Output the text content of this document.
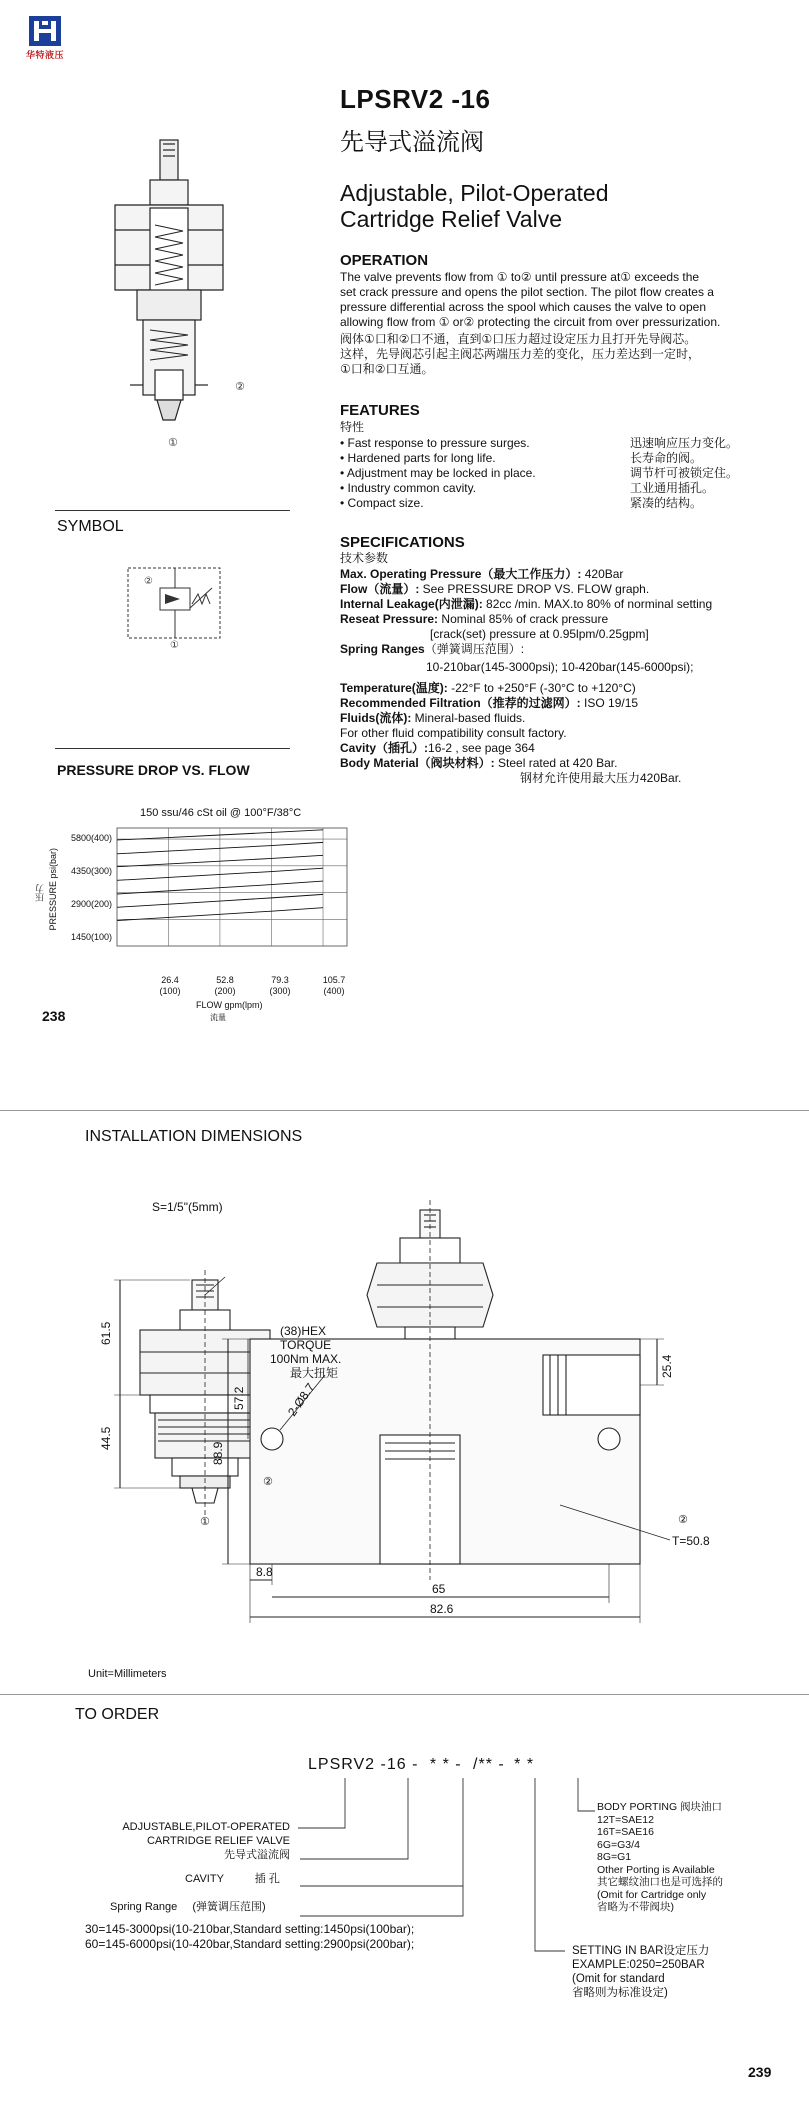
华特液压
LPSRV2 -16
先导式溢流阀
Adjustable, Pilot-Operated
Cartridge Relief Valve
②
①
OPERATION
The valve prevents flow from ① to② until pressure at① exceeds the
set crack pressure and opens the pilot section. The pilot flow creates a
pressure differential across the spool which causes the valve to open
allowing flow from ① or② protecting the circuit from over pressurization.
阀体①口和②口不通，直到①口压力超过设定压力且打开先导阀芯。
这样，先导阀芯引起主阀芯两端压力差的变化，压力差达到一定时，
①口和②口互通。
FEATURES
特性
• Fast response to pressure surges.	迅速响应压力变化。
• Hardened parts for long life.	长寿命的阀。
• Adjustment may be locked in place.	调节杆可被锁定住。
• Industry common cavity.	工业通用插孔。
• Compact size.	紧凑的结构。
SYMBOL
②
①
SPECIFICATIONS
技术参数
Max. Operating Pressure（最大工作压力）: 420Bar
Flow（流量）: See PRESSURE DROP VS. FLOW graph.
Internal Leakage(内泄漏): 82cc /min. MAX.to 80% of norminal setting
Reseat Pressure: Nominal 85% of crack pressure
[crack(set) pressure at 0.95lpm/0.25gpm]
Spring Ranges（弹簧调压范围）:
10-210bar(145-3000psi); 10-420bar(145-6000psi);
Temperature(温度): -22°F to +250°F (-30°C to +120°C)
Recommended Filtration（推荐的过滤网）: ISO 19/15
Fluids(流体): Mineral-based fluids.
For other fluid compatibility consult factory.
Cavity（插孔）:16-2 , see page 364
Body Material（阀块材料）: Steel rated at 420 Bar.
钢材允许使用最大压力420Bar.
PRESSURE DROP VS. FLOW
150 ssu/46 cSt oil @ 100°F/38°C
压力 PRESSURE psi(bar)
5800(400)
4350(300)
2900(200)
1450(100)
26.4
(100)
52.8
(200)
79.3
(300)
105.7
(400)
FLOW gpm(lpm)
流量
238
INSTALLATION DIMENSIONS
S=1/5"(5mm)
(38)HEX
TORQUE
100Nm MAX.
最大扭矩
61.5
44.5
②
①
88.9
57.2	2-Ø8.7
25.4
②
T=50.8
8.8
65
82.6
Unit=Millimeters
TO ORDER
LPSRV2 -16 - * * - /** - * *
ADJUSTABLE,PILOT-OPERATED
CARTRIDGE RELIEF VALVE
先导式溢流阀
CAVITY	插 孔
Spring Range (弹簧调压范围)
30=145-3000psi(10-210bar,Standard setting:1450psi(100bar);
60=145-6000psi(10-420bar,Standard setting:2900psi(200bar);
BODY PORTING 阀块油口
12T=SAE12
16T=SAE16
6G=G3/4
8G=G1
Other Porting is Available
其它螺纹油口也是可选择的
(Omit for Cartridge only
省略为不带阀块)
SETTING IN BAR设定压力
EXAMPLE:0250=250BAR
(Omit for standard
省略则为标准设定)
239
